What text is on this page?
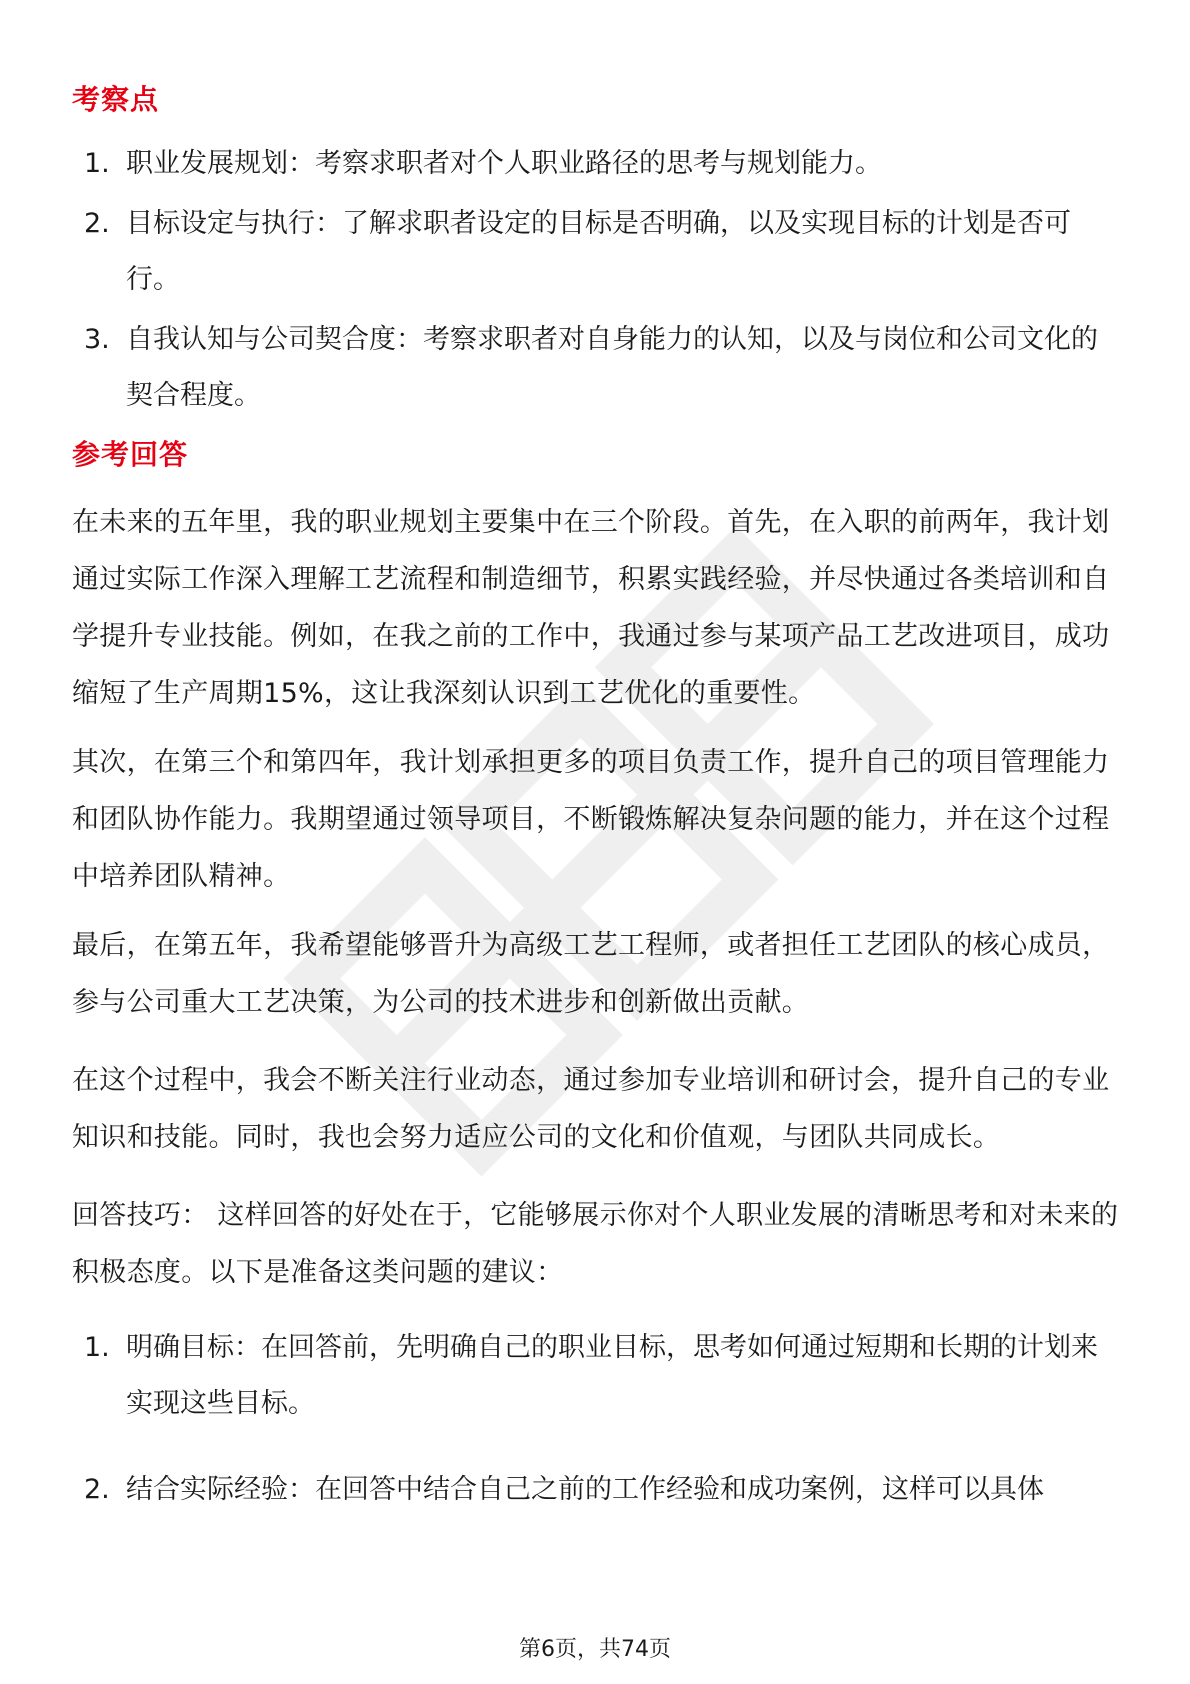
考察点
1. 职业发展规划：考察求职者对个人职业路径的思考与规划能力。
2. 目标设定与执行：了解求职者设定的目标是否明确，以及实现目标的计划是否可行。
3. 自我认知与公司契合度：考察求职者对自身能力的认知，以及与岗位和公司文化的契合程度。
参考回答

在未来的五年里，我的职业规划主要集中在三个阶段。首先，在入职的前两年，我计划通过实际工作深入理解工艺流程和制造细节，积累实践经验，并尽快通过各类培训和自学提升专业技能。例如，在我之前的工作中，我通过参与某项产品工艺改进项目，成功缩短了生产周期15%，这让我深刻认识到工艺优化的重要性。

其次，在第三个和第四年，我计划承担更多的项目负责工作，提升自己的项目管理能力和团队协作能力。我期望通过领导项目，不断锻炼解决复杂问题的能力，并在这个过程中培养团队精神。

最后，在第五年，我希望能够晋升为高级工艺工程师，或者担任工艺团队的核心成员，参与公司重大工艺决策，为公司的技术进步和创新做出贡献。

在这个过程中，我会不断关注行业动态，通过参加专业培训和研讨会，提升自己的专业知识和技能。同时，我也会努力适应公司的文化和价值观，与团队共同成长。

回答技巧： 这样回答的好处在于，它能够展示你对个人职业发展的清晰思考和对未来的积极态度。以下是准备这类问题的建议：

1. 明确目标：在回答前，先明确自己的职业目标，思考如何通过短期和长期的计划来实现这些目标。
2. 结合实际经验：在回答中结合自己之前的工作经验和成功案例，这样可以具体
第6页，共74页
